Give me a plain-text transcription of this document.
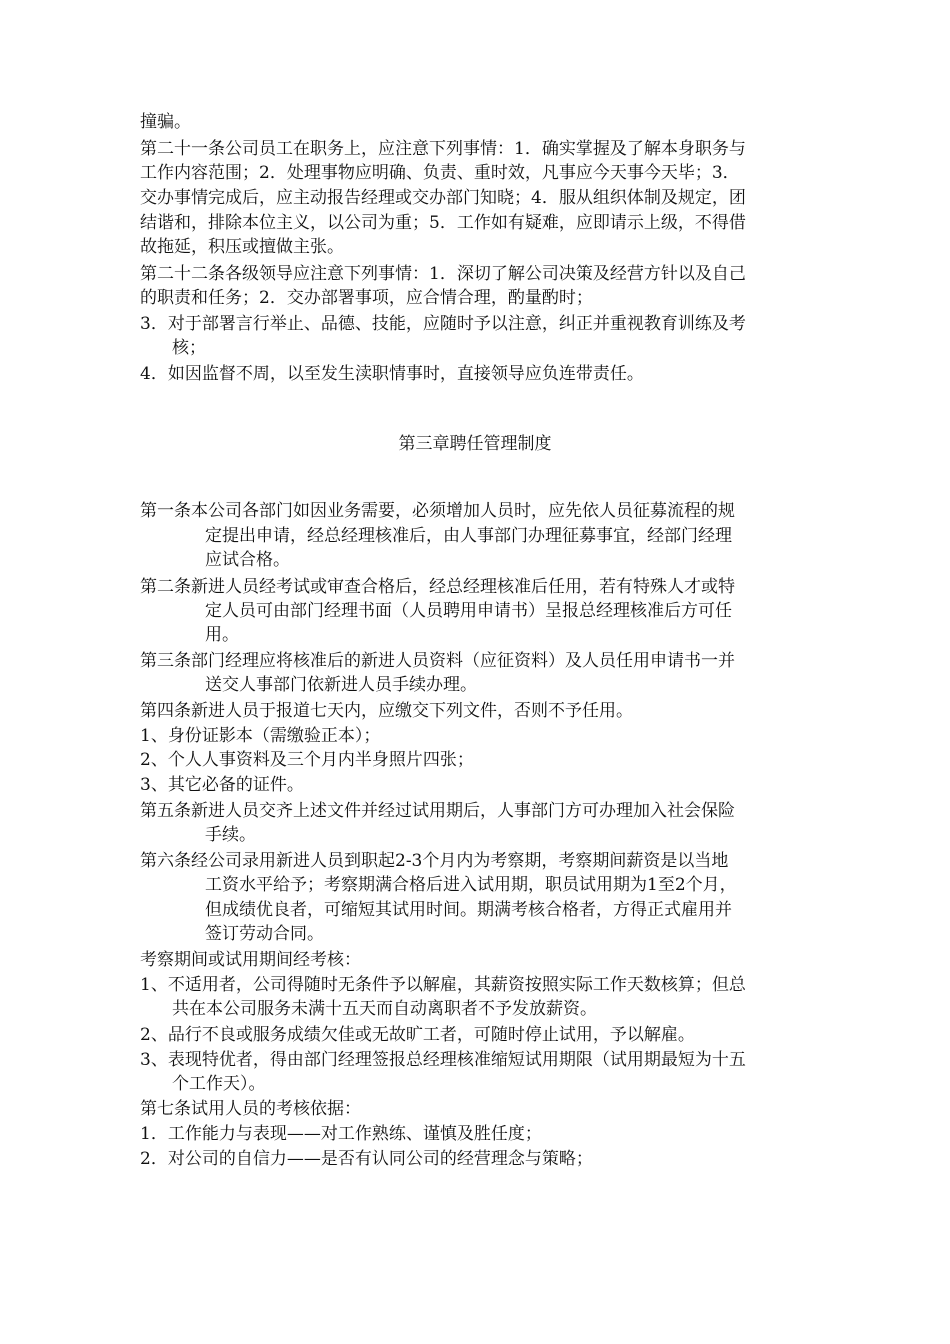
撞骗。
第二十一条公司员工在职务上，应注意下列事情：1．确实掌握及了解本身职务与
工作内容范围；2．处理事物应明确、负责、重时效，凡事应今天事今天毕；3．
交办事情完成后，应主动报告经理或交办部门知晓；4．服从组织体制及规定，团
结谐和，排除本位主义，以公司为重；5．工作如有疑难，应即请示上级，不得借
故拖延，积压或擅做主张。
第二十二条各级领导应注意下列事情：1．深切了解公司决策及经营方针以及自己
的职责和任务；2．交办部署事项，应合情合理，酌量酌时；
3．对于部署言行举止、品德、技能，应随时予以注意，纠正并重视教育训练及考
核；
4．如因监督不周，以至发生渎职情事时，直接领导应负连带责任。
第三章聘任管理制度
第一条本公司各部门如因业务需要，必须增加人员时，应先依人员征募流程的规
定提出申请，经总经理核准后，由人事部门办理征募事宜，经部门经理
应试合格。
第二条新进人员经考试或审查合格后，经总经理核准后任用，若有特殊人才或特
定人员可由部门经理书面（人员聘用申请书）呈报总经理核准后方可任
用。
第三条部门经理应将核准后的新进人员资料（应征资料）及人员任用申请书一并
送交人事部门依新进人员手续办理。
第四条新进人员于报道七天内，应缴交下列文件，否则不予任用。
1、身份证影本（需缴验正本）；
2、个人人事资料及三个月内半身照片四张；
3、其它必备的证件。
第五条新进人员交齐上述文件并经过试用期后，人事部门方可办理加入社会保险
手续。
第六条经公司录用新进人员到职起2-3个月内为考察期，考察期间薪资是以当地
工资水平给予；考察期满合格后进入试用期，职员试用期为1至2个月，
但成绩优良者，可缩短其试用时间。期满考核合格者，方得正式雇用并
签订劳动合同。
考察期间或试用期间经考核：
1、不适用者，公司得随时无条件予以解雇，其薪资按照实际工作天数核算；但总
共在本公司服务未满十五天而自动离职者不予发放薪资。
2、品行不良或服务成绩欠佳或无故旷工者，可随时停止试用，予以解雇。
3、表现特优者，得由部门经理签报总经理核准缩短试用期限（试用期最短为十五
个工作天）。
第七条试用人员的考核依据：
1．工作能力与表现——对工作熟练、谨慎及胜任度；
2．对公司的自信力——是否有认同公司的经营理念与策略；
